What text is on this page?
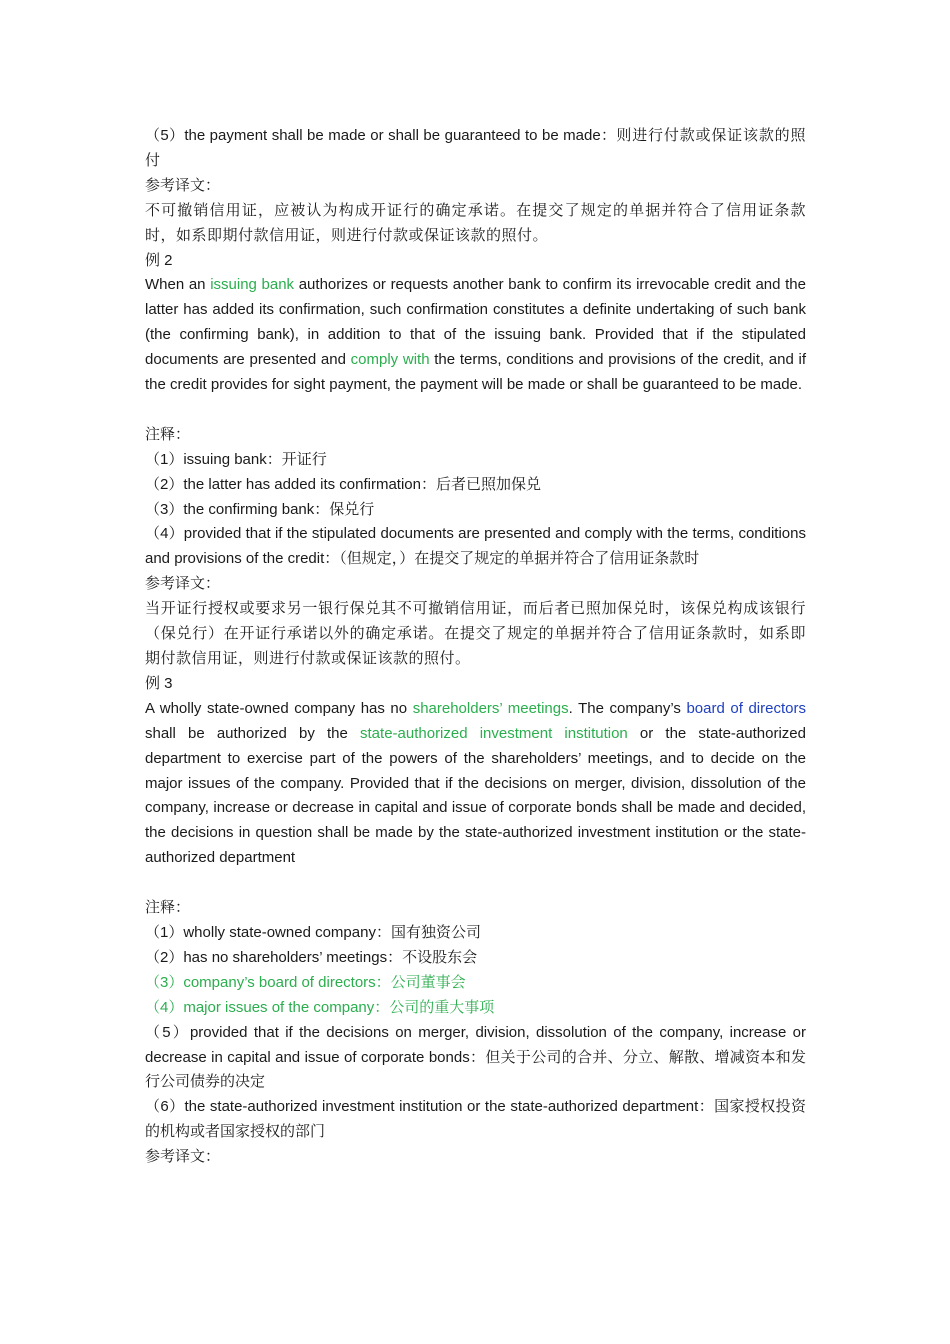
（5）the payment shall be made or shall be guaranteed to be made：则进行付款或保证该款的照付

参考译文：

不可撤销信用证，应被认为构成开证行的确定承诺。在提交了规定的单据并符合了信用证条款时，如系即期付款信用证，则进行付款或保证该款的照付。

例 2

When an issuing bank authorizes or requests another bank to confirm its irrevocable credit and the latter has added its confirmation, such confirmation constitutes a definite undertaking of such bank (the confirming bank), in addition to that of the issuing bank. Provided that if the stipulated documents are presented and comply with the terms, conditions and provisions of the credit, and if the credit provides for sight payment, the payment will be made or shall be guaranteed to be made.

注释：

（1）issuing bank：开证行

（2）the latter has added its confirmation：后者已照加保兑

（3）the confirming bank：保兑行

（4）provided that if the stipulated documents are presented and comply with the terms, conditions and provisions of the credit：（但规定，）在提交了规定的单据并符合了信用证条款时

参考译文：

当开证行授权或要求另一银行保兑其不可撤销信用证，而后者已照加保兑时，该保兑构成该银行（保兑行）在开证行承诺以外的确定承诺。在提交了规定的单据并符合了信用证条款时，如系即期付款信用证，则进行付款或保证该款的照付。

例 3

A wholly state-owned company has no shareholders’ meetings. The company’s board of directors shall be authorized by the state-authorized investment institution or the state-authorized department to exercise part of the powers of the shareholders’ meetings, and to decide on the major issues of the company. Provided that if the decisions on merger, division, dissolution of the company, increase or decrease in capital and issue of corporate bonds shall be made and decided, the decisions in question shall be made by the state-authorized investment institution or the state-authorized department

注释：

（1）wholly state-owned company：国有独资公司

（2）has no shareholders’ meetings：不设股东会

（3）company’s board of directors：公司董事会

（4）major issues of the company：公司的重大事项

（5）provided that if the decisions on merger, division, dissolution of the company, increase or decrease in capital and issue of corporate bonds：但关于公司的合并、分立、解散、增减资本和发行公司债券的决定

（6）the state-authorized investment institution or the state-authorized department：国家授权投资的机构或者国家授权的部门

参考译文：
